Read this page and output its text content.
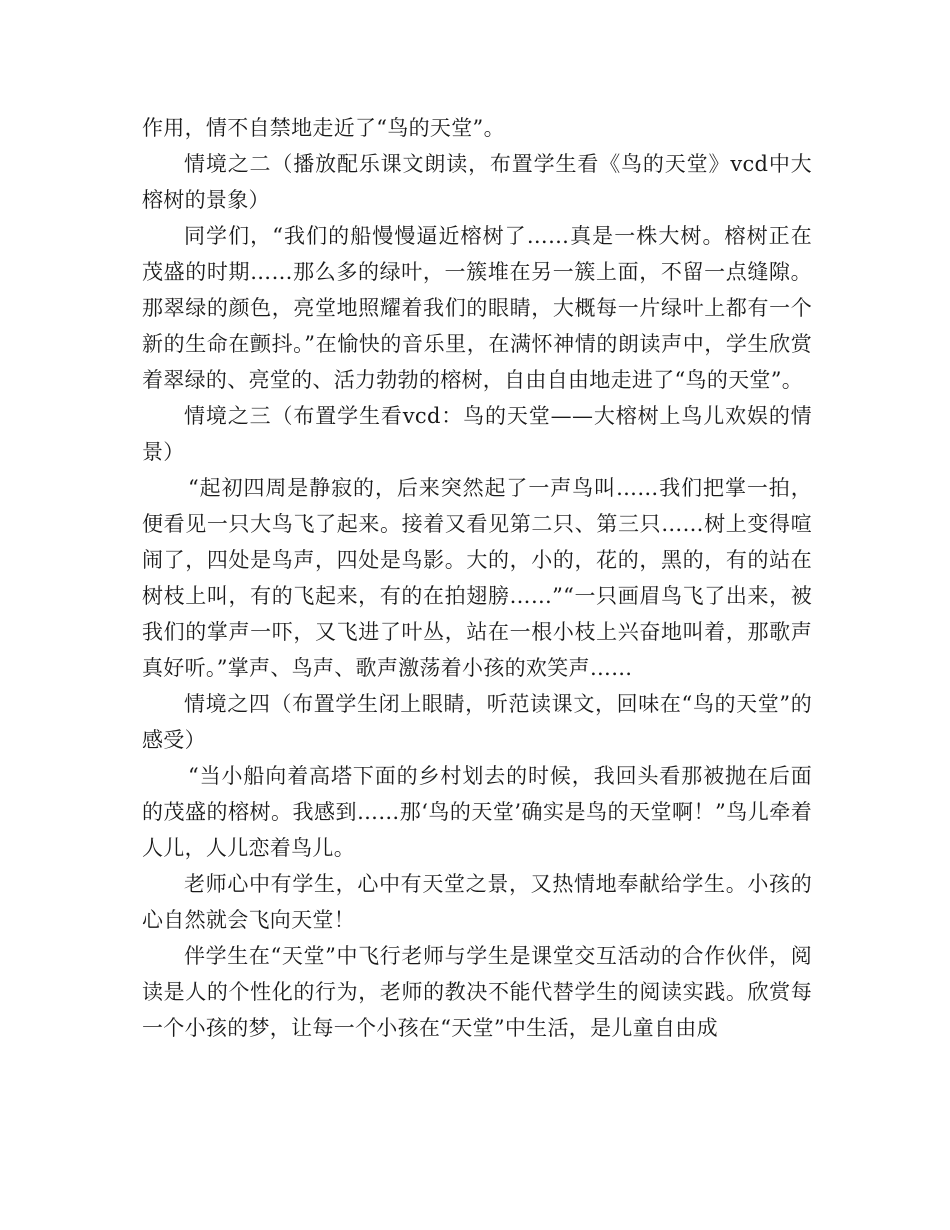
作用，情不自禁地走近了“鸟的天堂”。

情境之二（播放配乐课文朗读，布置学生看《鸟的天堂》vcd中大榕树的景象）

同学们，“我们的船慢慢逼近榕树了……真是一株大树。榕树正在茂盛的时期……那么多的绿叶，一簇堆在另一簇上面，不留一点缝隙。那翠绿的颜色，亮堂地照耀着我们的眼睛，大概每一片绿叶上都有一个新的生命在颤抖。”在愉快的音乐里，在满怀神情的朗读声中，学生欣赏着翠绿的、亮堂的、活力勃勃的榕树，自由自由地走进了“鸟的天堂”。

情境之三（布置学生看vcd：鸟的天堂——大榕树上鸟儿欢娱的情景）

“起初四周是静寂的，后来突然起了一声鸟叫……我们把掌一拍，便看见一只大鸟飞了起来。接着又看见第二只、第三只……树上变得喧闹了，四处是鸟声，四处是鸟影。大的，小的，花的，黑的，有的站在树枝上叫，有的飞起来，有的在拍翅膀……”“一只画眉鸟飞了出来，被我们的掌声一吓，又飞进了叶丛，站在一根小枝上兴奋地叫着，那歌声真好听。”掌声、鸟声、歌声激荡着小孩的欢笑声……

情境之四（布置学生闭上眼睛，听范读课文，回味在“鸟的天堂”的感受）

“当小船向着高塔下面的乡村划去的时候，我回头看那被抛在后面的茂盛的榕树。我感到……那‘鸟的天堂’确实是鸟的天堂啊！”鸟儿牵着人儿，人儿恋着鸟儿。

老师心中有学生，心中有天堂之景，又热情地奉献给学生。小孩的心自然就会飞向天堂！

伴学生在“天堂”中飞行老师与学生是课堂交互活动的合作伙伴，阅读是人的个性化的行为，老师的教决不能代替学生的阅读实践。欣赏每一个小孩的梦，让每一个小孩在“天堂”中生活，是儿童自由成
